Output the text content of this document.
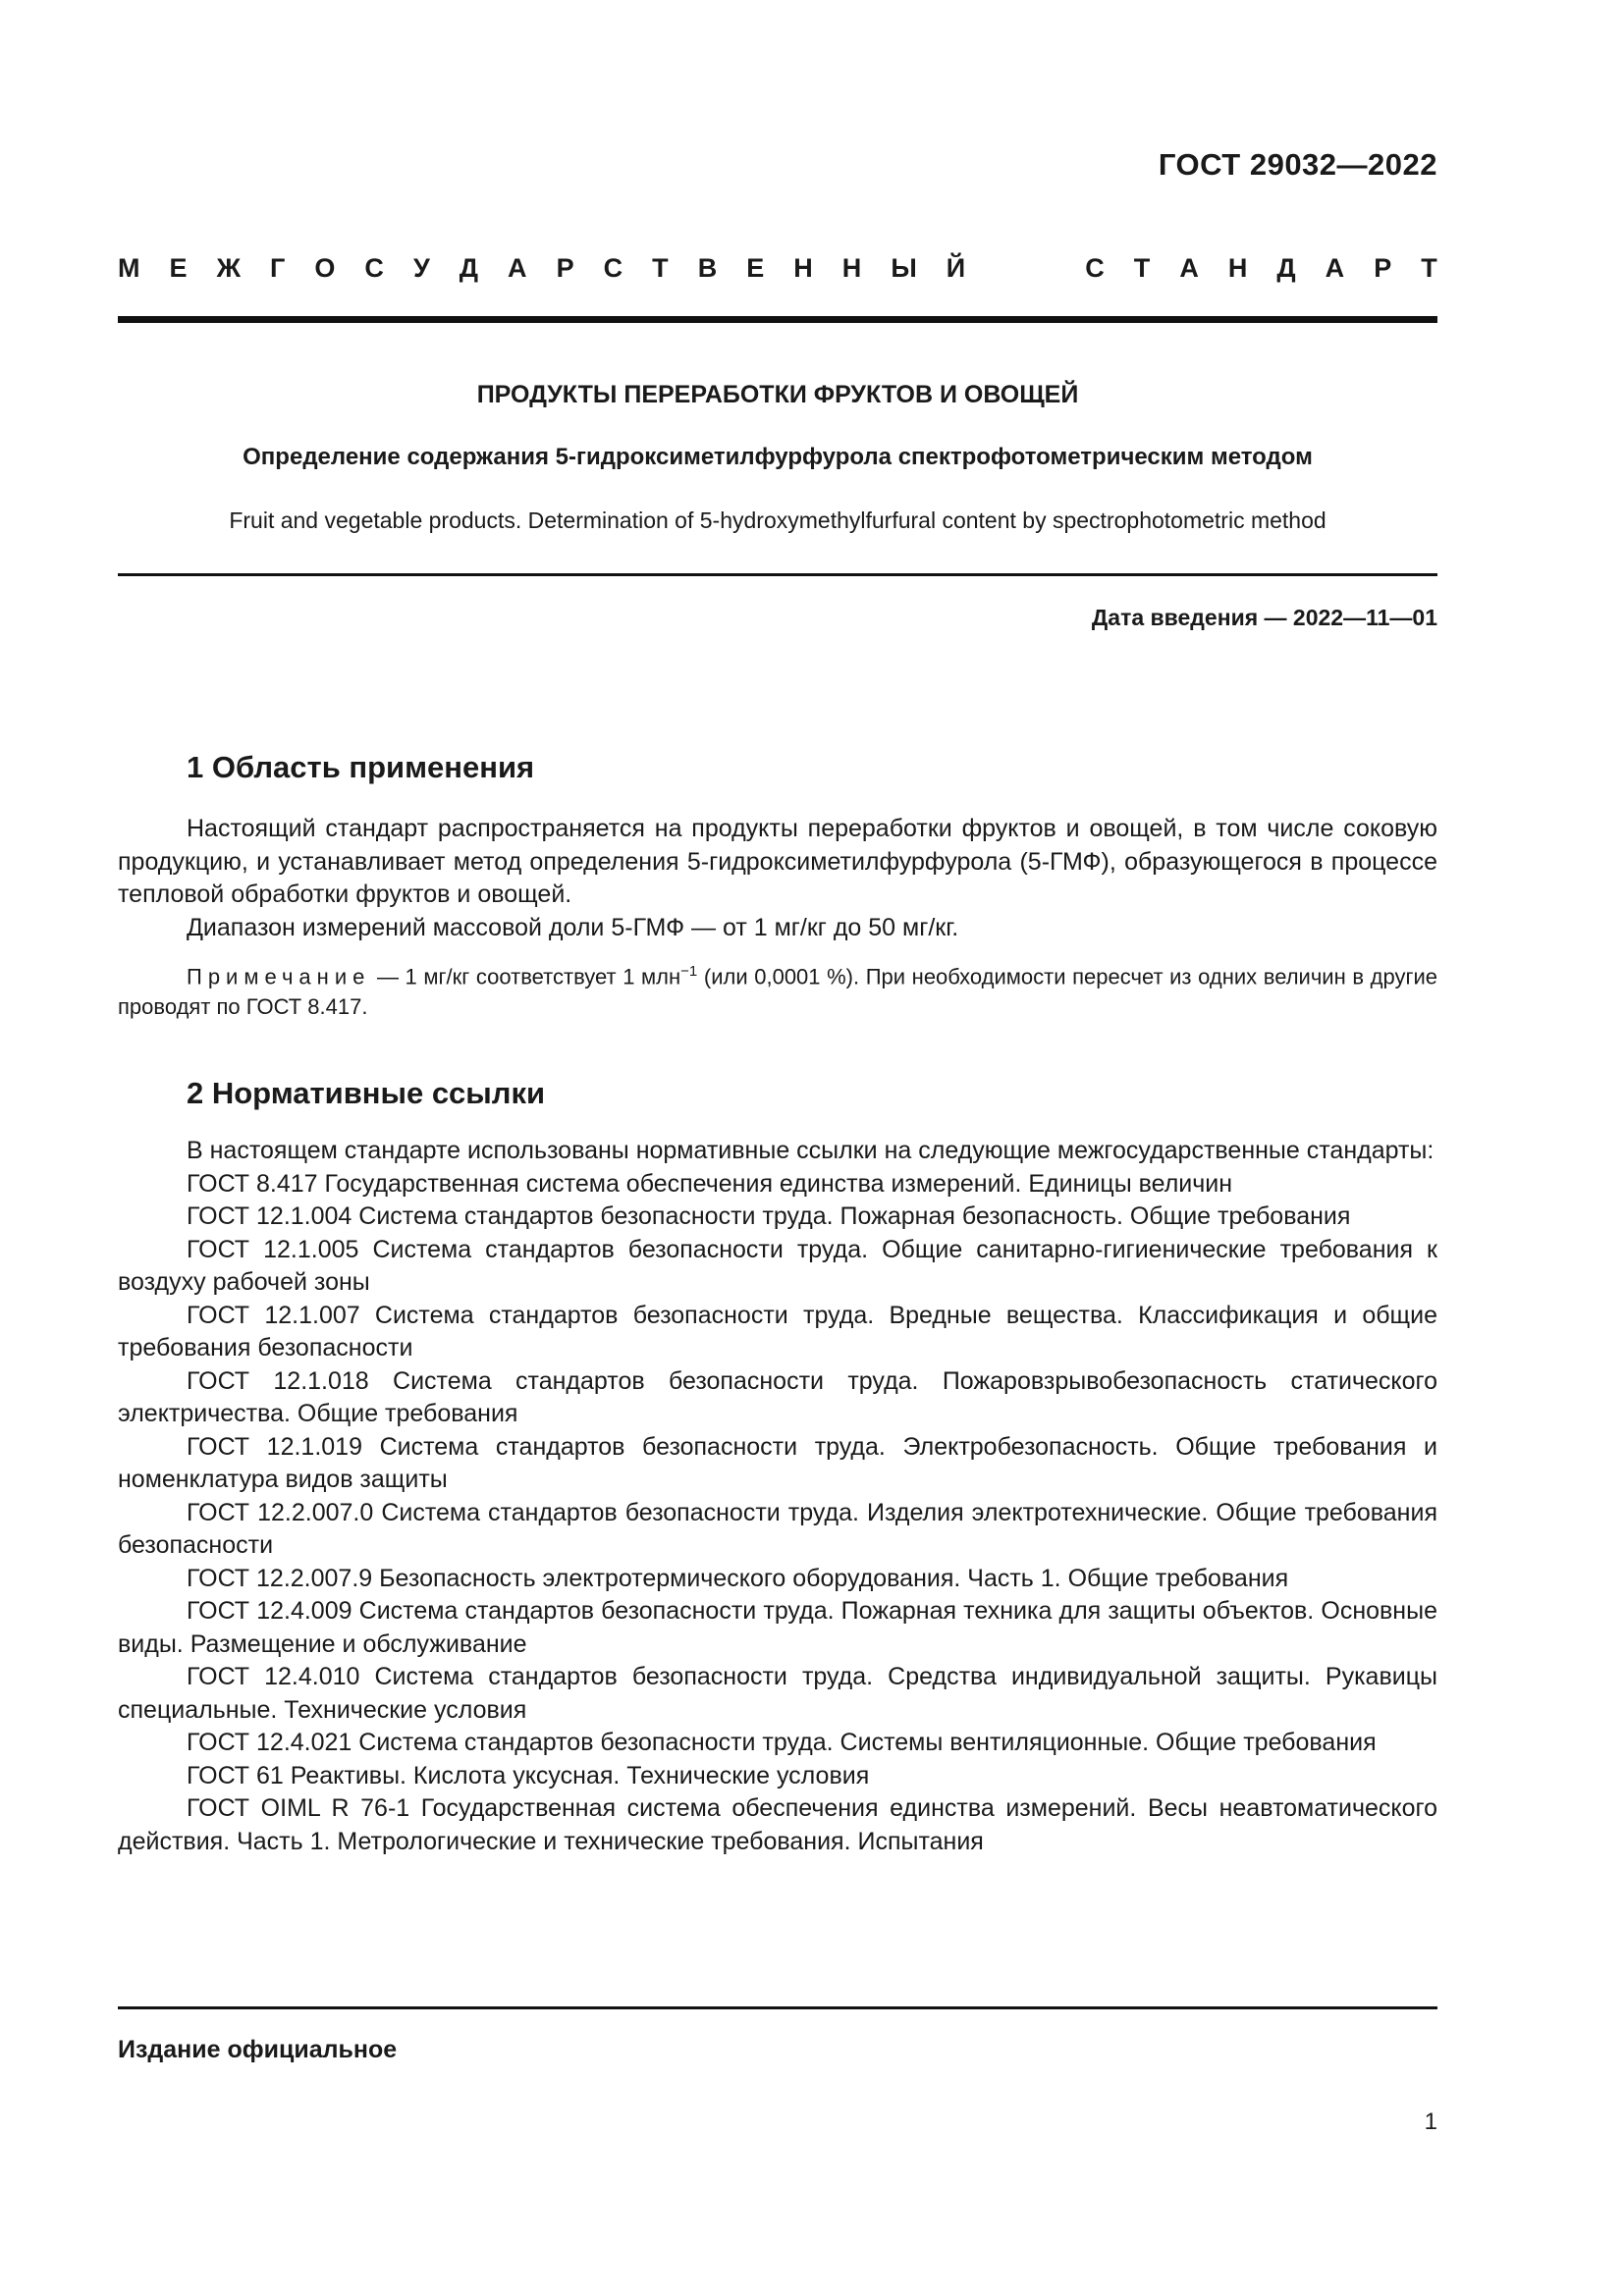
ГОСТ 29032—2022
М Е Ж Г О С У Д А Р С Т В Е Н Н Ы Й	С Т А Н Д А Р Т
ПРОДУКТЫ ПЕРЕРАБОТКИ ФРУКТОВ И ОВОЩЕЙ
Определение содержания 5-гидроксиметилфурфурола спектрофотометрическим методом
Fruit and vegetable products. Determination of 5-hydroxymethylfurfural content by spectrophotometric method
Дата введения — 2022—11—01
1 Область применения

Настоящий стандарт распространяется на продукты переработки фруктов и овощей, в том числе соковую продукцию, и устанавливает метод определения 5-гидроксиметилфурфурола (5-ГМФ), образующегося в процессе тепловой обработки фруктов и овощей.

Диапазон измерений массовой доли 5-ГМФ — от 1 мг/кг до 50 мг/кг.

Примечание — 1 мг/кг соответствует 1 млн$^{-1}$ (или 0,0001 %). При необходимости пересчет из одних величин в другие проводят по ГОСТ 8.417.
2 Нормативные ссылки

В настоящем стандарте использованы нормативные ссылки на следующие межгосударственные стандарты:

ГОСТ 8.417 Государственная система обеспечения единства измерений. Единицы величин

ГОСТ 12.1.004 Система стандартов безопасности труда. Пожарная безопасность. Общие требования

ГОСТ 12.1.005 Система стандартов безопасности труда. Общие санитарно-гигиенические требования к воздуху рабочей зоны

ГОСТ 12.1.007 Система стандартов безопасности труда. Вредные вещества. Классификация и общие требования безопасности

ГОСТ 12.1.018 Система стандартов безопасности труда. Пожаровзрывобезопасность статического электричества. Общие требования

ГОСТ 12.1.019 Система стандартов безопасности труда. Электробезопасность. Общие требования и номенклатура видов защиты

ГОСТ 12.2.007.0 Система стандартов безопасности труда. Изделия электротехнические. Общие требования безопасности

ГОСТ 12.2.007.9 Безопасность электротермического оборудования. Часть 1. Общие требования

ГОСТ 12.4.009 Система стандартов безопасности труда. Пожарная техника для защиты объектов. Основные виды. Размещение и обслуживание

ГОСТ 12.4.010 Система стандартов безопасности труда. Средства индивидуальной защиты. Рукавицы специальные. Технические условия

ГОСТ 12.4.021 Система стандартов безопасности труда. Системы вентиляционные. Общие требования

ГОСТ 61 Реактивы. Кислота уксусная. Технические условия

ГОСТ OIML R 76-1 Государственная система обеспечения единства измерений. Весы неавтоматического действия. Часть 1. Метрологические и технические требования. Испытания

Издание официальное
1
